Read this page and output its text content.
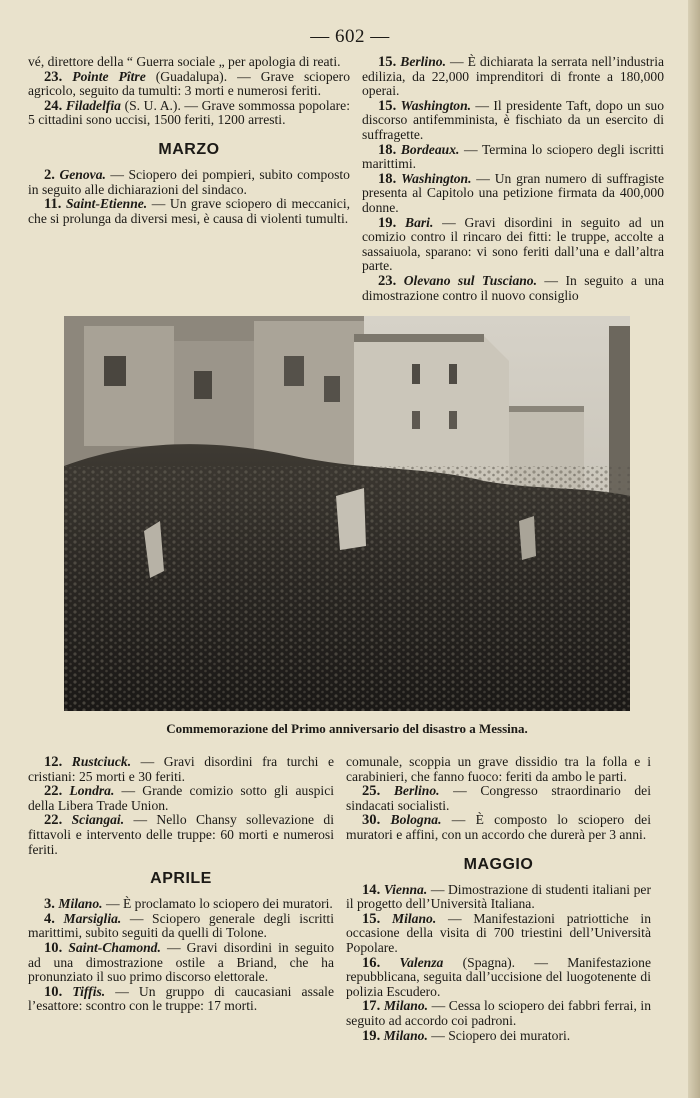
— 602 —

vé, direttore della “ Guerra sociale „ per apologia di reati.

23. Pointe Pître (Guadalupa). — Grave sciopero agricolo, seguito da tumulti: 3 morti e numerosi feriti.

24. Filadelfia (S. U. A.). — Grave sommossa popolare: 5 cittadini sono uccisi, 1500 feriti, 1200 arresti.

MARZO

2. Genova. — Sciopero dei pompieri, subito composto in seguito alle dichiarazioni del sindaco.

11. Saint-Etienne. — Un grave sciopero di meccanici, che si prolunga da diversi mesi, è causa di violenti tumulti.

15. Berlino. — È dichiarata la serrata nell’industria edilizia, da 22,000 imprenditori di fronte a 180,000 operai.

15. Washington. — Il presidente Taft, dopo un suo discorso antifemminista, è fischiato da un esercito di suffragette.

18. Bordeaux. — Termina lo sciopero degli iscritti marittimi.

18. Washington. — Un gran numero di suffragiste presenta al Capitolo una petizione firmata da 400,000 donne.

19. Bari. — Gravi disordini in seguito ad un comizio contro il rincaro dei fitti: le truppe, accolte a sassaiuola, sparano: vi sono feriti dall’una e dall’altra parte.

23. Olevano sul Tusciano. — In seguito a una dimostrazione contro il nuovo consiglio

Commemorazione del Primo anniversario del disastro a Messina.

12. Rustciuck. — Gravi disordini fra turchi e cristiani: 25 morti e 30 feriti.

22. Londra. — Grande comizio sotto gli auspici della Libera Trade Union.

22. Sciangai. — Nello Chansy sollevazione di fittavoli e intervento delle truppe: 60 morti e numerosi feriti.

APRILE

3. Milano. — È proclamato lo sciopero dei muratori.

4. Marsiglia. — Sciopero generale degli iscritti marittimi, subito seguiti da quelli di Tolone.

10. Saint-Chamond. — Gravi disordini in seguito ad una dimostrazione ostile a Briand, che ha pronunziato il suo primo discorso elettorale.

10. Tiffis. — Un gruppo di caucasiani assale l’esattore: scontro con le truppe: 17 morti.

comunale, scoppia un grave dissidio tra la folla e i carabinieri, che fanno fuoco: feriti da ambo le parti.

25. Berlino. — Congresso straordinario dei sindacati socialisti.

30. Bologna. — È composto lo sciopero dei muratori e affini, con un accordo che durerà per 3 anni.

MAGGIO

14. Vienna. — Dimostrazione di studenti italiani per il progetto dell’Università Italiana.

15. Milano. — Manifestazioni patriottiche in occasione della visita di 700 triestini dell’Università Popolare.

16. Valenza (Spagna). — Manifestazione repubblicana, seguita dall’uccisione del luogotenente di polizia Escudero.

17. Milano. — Cessa lo sciopero dei fabbri ferrai, in seguito ad accordo coi padroni.

19. Milano. — Sciopero dei muratori.
